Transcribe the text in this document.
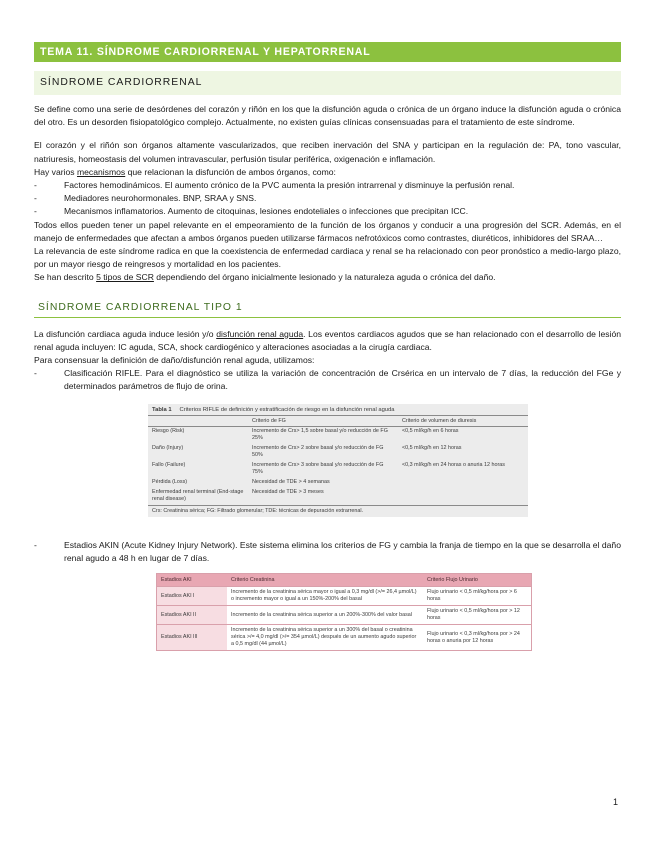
TEMA 11. SÍNDROME CARDIORRENAL Y HEPATORRENAL
SÍNDROME CARDIORRENAL

Se define como una serie de desórdenes del corazón y riñón en los que la disfunción aguda o crónica de un órgano induce la disfunción aguda o crónica del otro. Es un desorden fisiopatológico complejo. Actualmente, no existen guías clínicas consensuadas para el tratamiento de este síndrome.

El corazón y el riñón son órganos altamente vascularizados, que reciben inervación del SNA y participan en la regulación de: PA, tono vascular, natriuresis, homeostasis del volumen intravascular, perfusión tisular periférica, oxigenación e inflamación.

Hay varios mecanismos que relacionan la disfunción de ambos órganos, como:

- Factores hemodinámicos. El aumento crónico de la PVC aumenta la presión intrarrenal y disminuye la perfusión renal.
- Mediadores neurohormonales. BNP, SRAA y SNS.
- Mecanismos inflamatorios. Aumento de citoquinas, lesiones endoteliales o infecciones que precipitan ICC.

Todos ellos pueden tener un papel relevante en el empeoramiento de la función de los órganos y conducir a una progresión del SCR. Además, en el manejo de enfermedades que afectan a ambos órganos pueden utilizarse fármacos nefrotóxicos como contrastes, diuréticos, inhibidores del SRAA…

La relevancia de este síndrome radica en que la coexistencia de enfermedad cardiaca y renal se ha relacionado con peor pronóstico a medio-largo plazo, por un mayor riesgo de reingresos y mortalidad en los pacientes.

Se han descrito 5 tipos de SCR dependiendo del órgano inicialmente lesionado y la naturaleza aguda o crónica del daño.

SÍNDROME CARDIORRENAL TIPO 1

La disfunción cardiaca aguda induce lesión y/o disfunción renal aguda. Los eventos cardiacos agudos que se han relacionado con el desarrollo de lesión renal aguda incluyen: IC aguda, SCA, shock cardiogénico y alteraciones asociadas a la cirugía cardiaca.

Para consensuar la definición de daño/disfunción renal aguda, utilizamos:

- Clasificación RIFLE. Para el diagnóstico se utiliza la variación de concentración de Crsérica en un intervalo de 7 días, la reducción del FGe y determinados parámetros de flujo de orina.
Tabla 1 Criterios RIFLE de definición y estratificación de riesgo en la disfunción renal aguda
	Criterio de FG	Criterio de volumen de diuresis
Riesgo (Risk)	Incremento de Crs> 1,5 sobre basal y/o reducción de FG 25%	<0,5 ml/kg/h en 6 horas
Daño (Injury)	Incremento de Crs> 2 sobre basal y/o reducción de FG 50%	<0,5 ml/kg/h en 12 horas
Fallo (Failure)	Incremento de Crs> 3 sobre basal y/o reducción de FG 75%	<0,3 ml/kg/h en 24 horas o anuria 12 horas
Pérdida (Loss)	Necesidad de TDE > 4 semanas	
Enfermedad renal terminal (End-stage renal disease)	Necesidad de TDE > 3 meses	
Crs: Creatinina sérica; FG: Filtrado glomerular; TDE: técnicas de depuración extrarrenal.
- Estadios AKIN (Acute Kidney Injury Network). Este sistema elimina los criterios de FG y cambia la franja de tiempo en la que se desarrolla el daño renal agudo a 48 h en lugar de 7 días.
Estadios AKI	Criterio Creatinina	Criterio Flujo Urinario
Estadios AKI I	Incremento de la creatinina sérica mayor o igual a 0,3 mg/dl (>/= 26,4 µmol/L) o incremento mayor o igual a un 150%-200% del basal	Flujo urinario < 0,5 ml/kg/hora por > 6 horas
Estadios AKI II	Incremento de la creatinina sérica superior a un 200%-300% del valor basal	Flujo urinario < 0,5 ml/kg/hora por > 12 horas
Estadios AKI III	Incremento de la creatinina sérica superior a un 300% del basal o creatinina sérica >/= 4,0 mg/dl (>/= 354 µmol/L) después de un aumento agudo superior a 0,5 mg/dl (44 µmol/L)	Flujo urinario < 0,3 ml/kg/hora por > 24 horas o anuria por 12 horas
1
